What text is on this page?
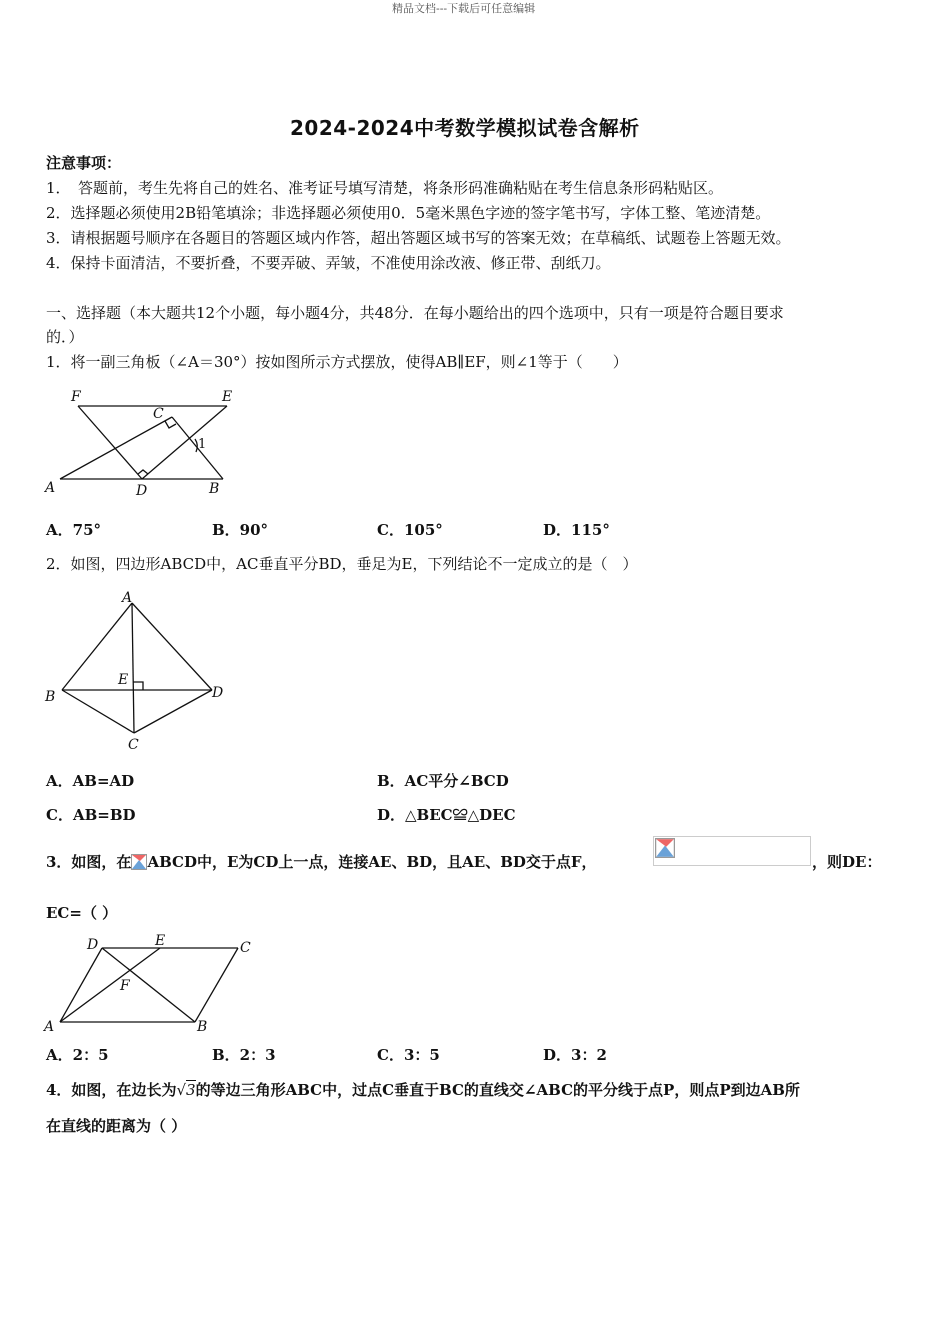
精品文档---下载后可任意编辑
2024-2024中考数学模拟试卷含解析
注意事项：
1．　答题前，考生先将自己的姓名、准考证号填写清楚，将条形码准确粘贴在考生信息条形码粘贴区。
2．选择题必须使用2B铅笔填涂；非选择题必须使用0．5毫米黑色字迹的签字笔书写，字体工整、笔迹清楚。
3．请根据题号顺序在各题目的答题区域内作答，超出答题区域书写的答案无效；在草稿纸、试题卷上答题无效。
4．保持卡面清洁，不要折叠，不要弄破、弄皱，不准使用涂改液、修正带、刮纸刀。
一、选择题（本大题共12个小题，每小题4分，共48分．在每小题给出的四个选项中，只有一项是符合题目要求
的．）
1．将一副三角板（∠A＝30°）按如图所示方式摆放，使得AB∥EF，则∠1等于（　　）
F	E
C
1
A	D	B
A．75°	B．90°	C．105°	D．115°
2．如图，四边形ABCD中，AC垂直平分BD，垂足为E，下列结论不一定成立的是（　）
A
B
E
D
C
A．AB=AD	B．AC平分∠BCD
C．AB=BD	D．△BEC≌△DEC
3．如图，在 ABCD中，E为CD上一点，连接AE、BD，且AE、BD交于点F，	，则DE：
EC=（ ）
D	E	C
F
A	B
A．2：5	B．2：3	C．3：5	D．3：2
4．如图，在边长为√3的等边三角形ABC中，过点C垂直于BC的直线交∠ABC的平分线于点P，则点P到边AB所
在直线的距离为（ ）
